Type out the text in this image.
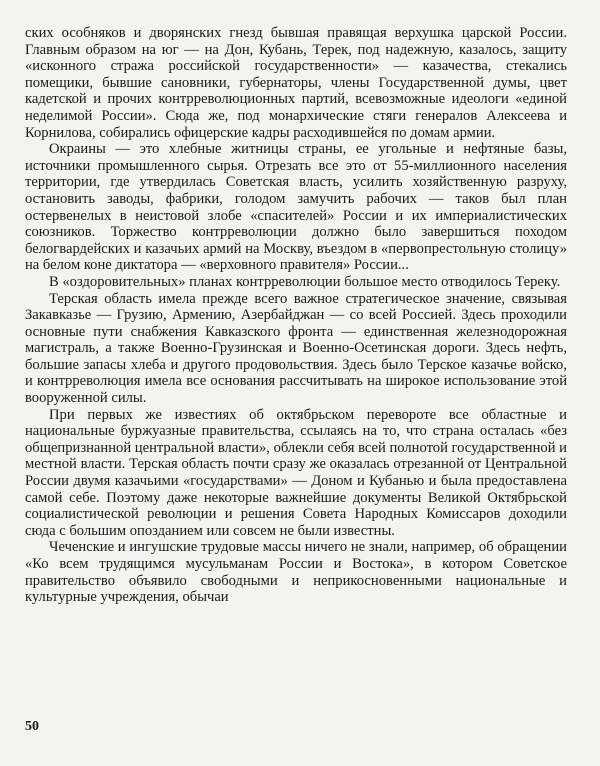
ских особняков и дворянских гнезд бывшая правящая верхушка царской России. Главным образом на юг — на Дон, Кубань, Терек, под надежную, казалось, защиту «исконного стража российской государственности» — казачества, стекались помещики, бывшие сановники, губернаторы, члены Государственной думы, цвет кадетской и прочих контрреволюционных партий, всевозможные идеологи «единой неделимой России». Сюда же, под монархические стяги генералов Алексеева и Корнилова, собирались офицерские кадры расходившейся по домам армии.

Окраины — это хлебные житницы страны, ее угольные и нефтяные базы, источники промышленного сырья. Отрезать все это от 55-миллионного населения территории, где утвердилась Советская власть, усилить хозяйственную разруху, остановить заводы, фабрики, голодом замучить рабочих — таков был план остервенелых в неистовой злобе «спасителей» России и их империалистических союзников. Торжество контрреволюции должно было завершиться походом белогвардейских и казачьих армий на Москву, въездом в «первопрестольную столицу» на белом коне диктатора — «верховного правителя» России...

В «оздоровительных» планах контрреволюции большое место отводилось Тереку.

Терская область имела прежде всего важное стратегическое значение, связывая Закавказье — Грузию, Армению, Азербайджан — со всей Россией. Здесь проходили основные пути снабжения Кавказского фронта — единственная железнодорожная магистраль, а также Военно-Грузинская и Военно-Осетинская дороги. Здесь нефть, большие запасы хлеба и другого продовольствия. Здесь было Терское казачье войско, и контрреволюция имела все основания рассчитывать на широкое использование этой вооруженной силы.

При первых же известиях об октябрьском перевороте все областные и национальные буржуазные правительства, ссылаясь на то, что страна осталась «без общепризнанной центральной власти», облекли себя всей полнотой государственной и местной власти. Терская область почти сразу же оказалась отрезанной от Центральной России двумя казачьими «государствами» — Доном и Кубанью и была предоставлена самой себе. Поэтому даже некоторые важнейшие документы Великой Октябрьской социалистической революции и решения Совета Народных Комиссаров доходили сюда с большим опозданием или совсем не были известны.

Чеченские и ингушские трудовые массы ничего не знали, например, об обращении «Ко всем трудящимся мусульманам России и Востока», в котором Советское правительство объявило свободными и неприкосновенными национальные и культурные учреждения, обычаи

50
